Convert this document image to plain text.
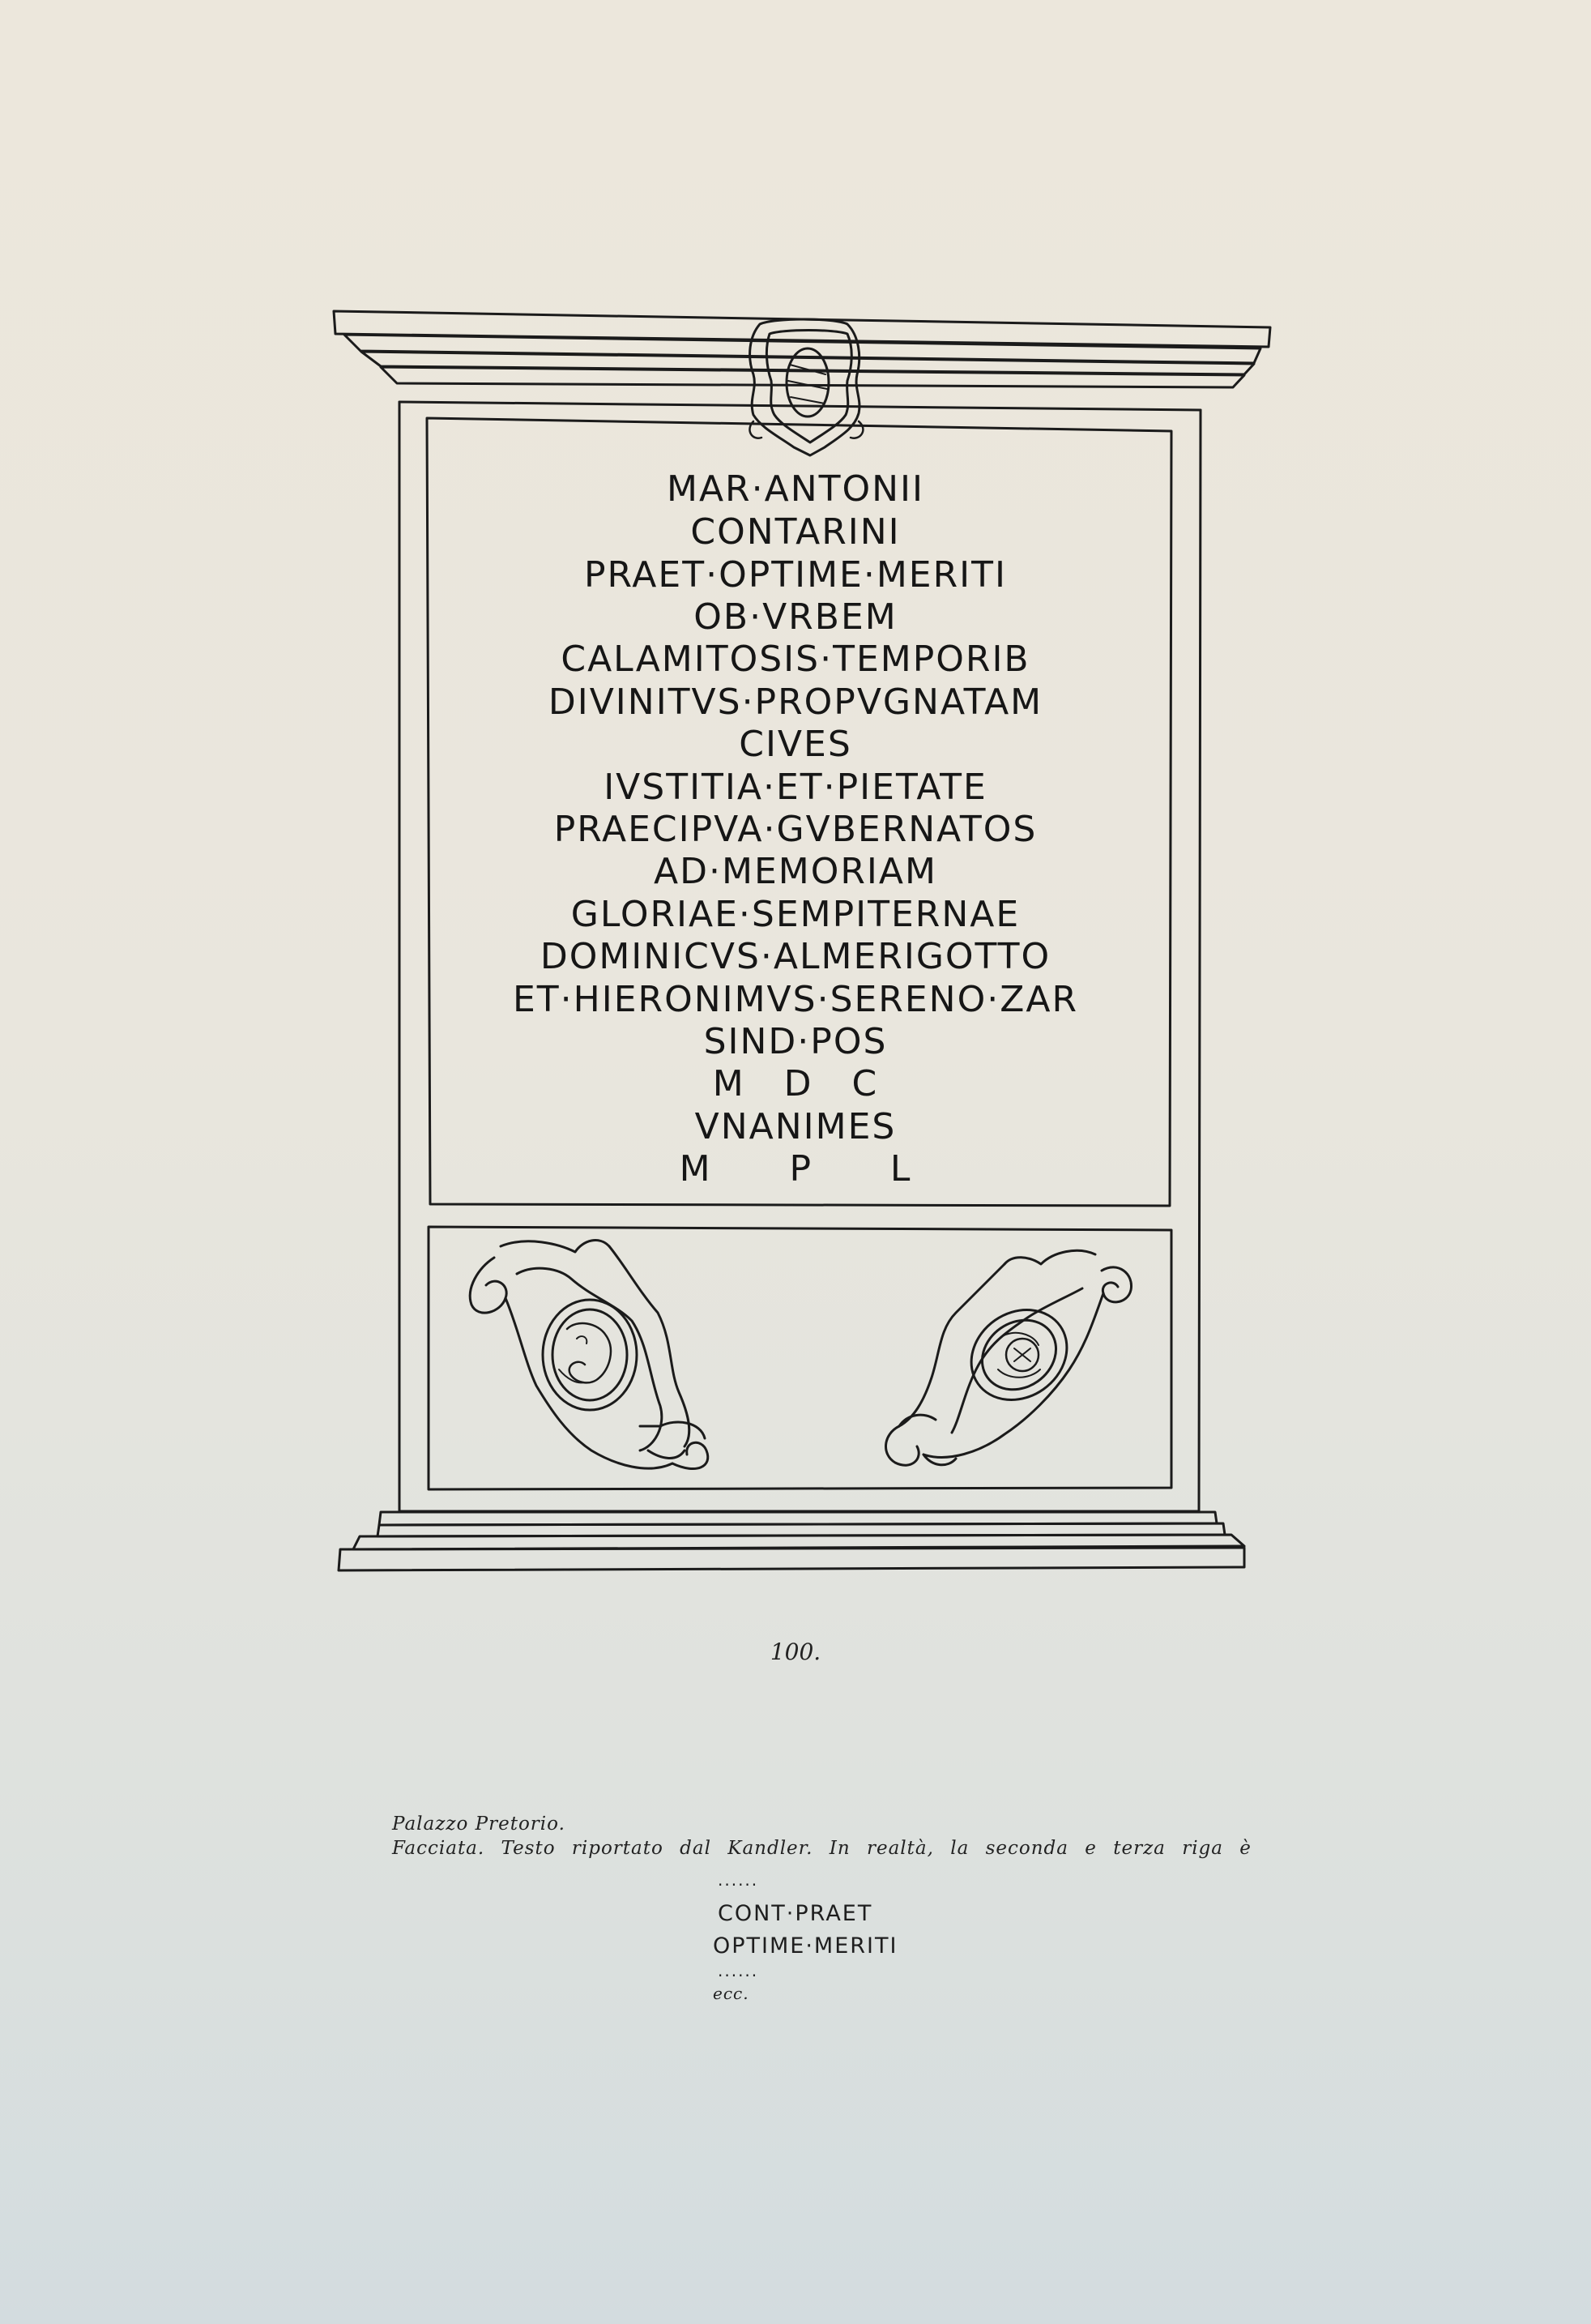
MAR·ANTONII
CONTARINI
PRAET·OPTIME·MERITI
OB·VRBEM
CALAMITOSIS·TEMPORIB
DIVINITVS·PROPVGNATAM
CIVES
IVSTITIA·ET·PIETATE
PRAECIPVA·GVBERNATOS
AD·MEMORIAM
GLORIAE·SEMPITERNAE
DOMINICVS·ALMERIGOTTO
ET·HIERONIMVS·SERENO·ZAR
SIND·POS
M   D   C
VNANIMES
M      P      L
100.
Palazzo Pretorio.
Facciata. Testo riportato dal Kandler. In realtà, la seconda e terza riga è
......
CONT·PRAET
OPTIME·MERITI
......
ecc.
